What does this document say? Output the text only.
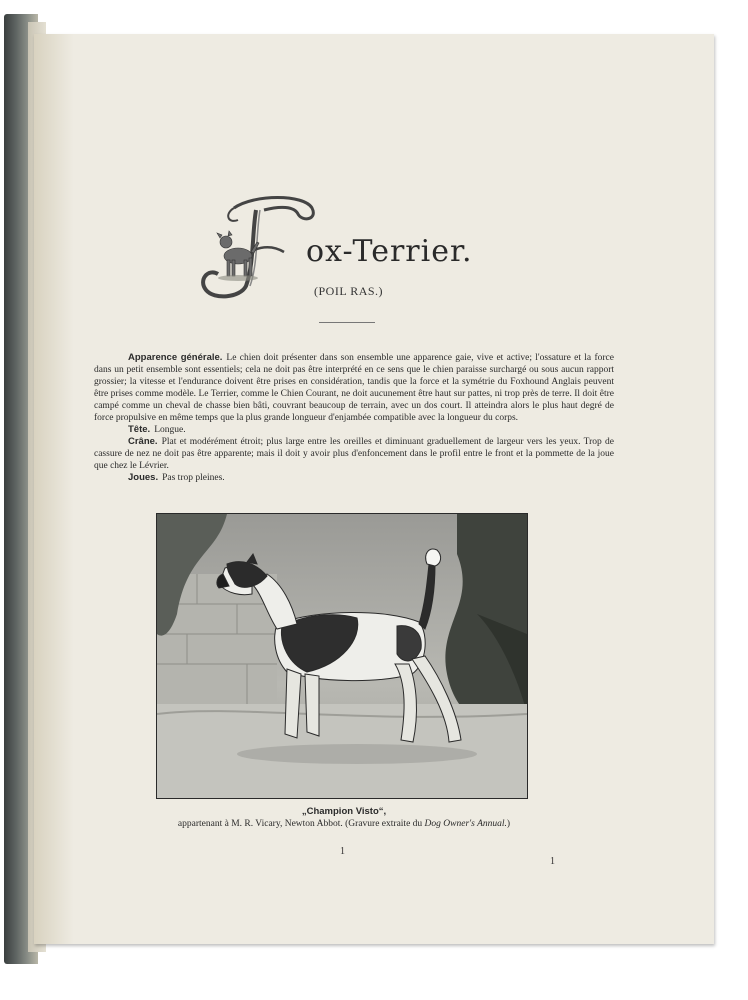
ox-Terrier.
(POIL RAS.)

Apparence générale. Le chien doit présenter dans son ensemble une apparence gaie, vive et active; l'ossature et la force dans un petit ensemble sont essentiels; cela ne doit pas être interprété en ce sens que le chien paraisse surchargé ou sous aucun rapport grossier; la vitesse et l'endurance doivent être prises en considération, tandis que la force et la symétrie du Foxhound Anglais peuvent être prises comme modèle. Le Terrier, comme le Chien Courant, ne doit aucunement être haut sur pattes, ni trop près de terre. Il doit être campé comme un cheval de chasse bien bâti, couvrant beaucoup de terrain, avec un dos court. Il atteindra alors le plus haut degré de force propulsive en même temps que la plus grande longueur d'enjambée compatible avec la longueur du corps.

Tête. Longue.

Crâne. Plat et modérément étroit; plus large entre les oreilles et diminuant graduellement de largeur vers les yeux. Trop de cassure de nez ne doit pas être apparente; mais il doit y avoir plus d'enfoncement dans le profil entre le front et la pommette de la joue que chez le Lévrier.

Joues. Pas trop pleines.

„Champion Visto“,
appartenant à M. R. Vicary, Newton Abbot. (Gravure extraite du Dog Owner's Annual.)
1
1
